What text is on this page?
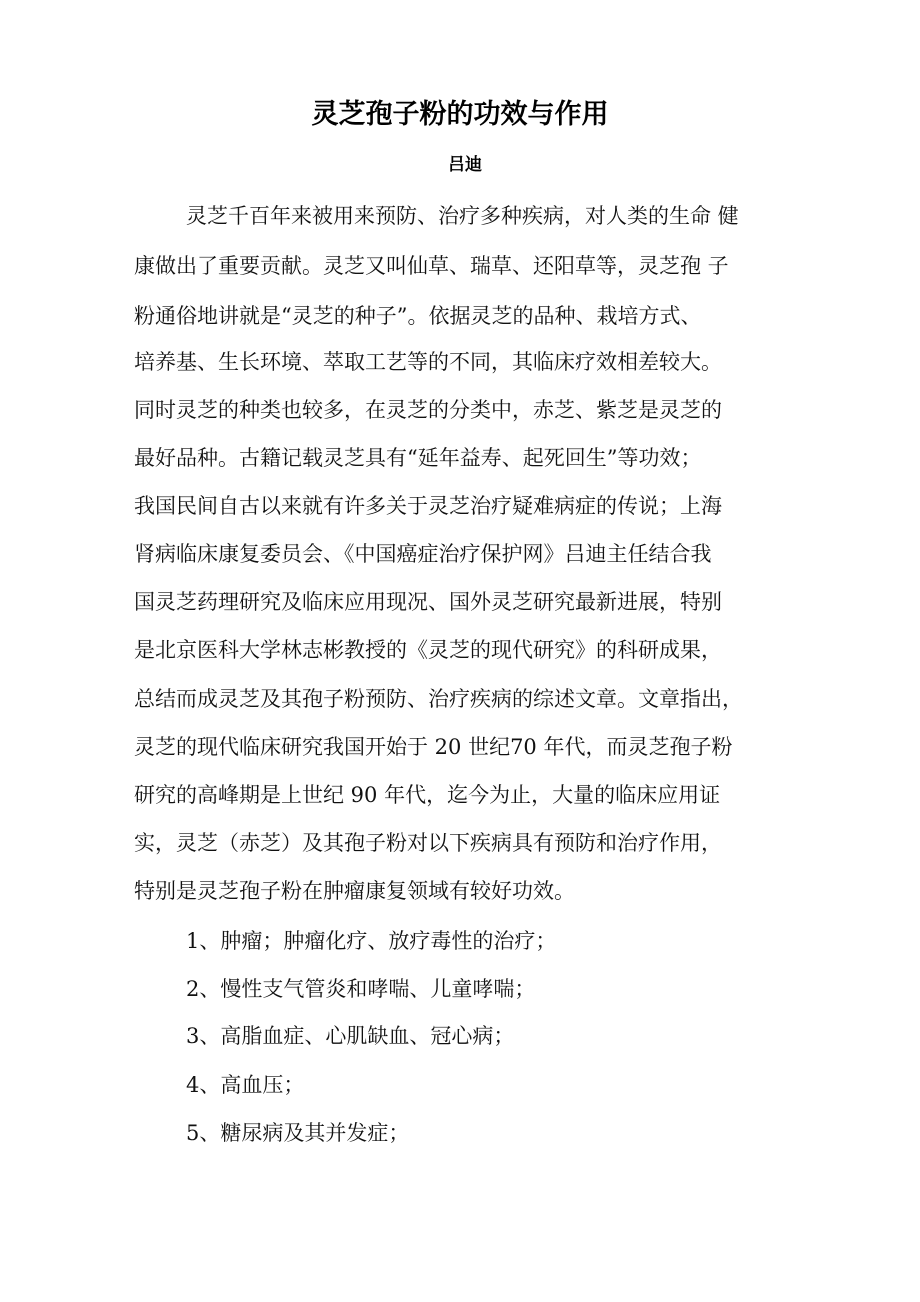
灵芝孢子粉的功效与作用
吕迪

灵芝千百年来被用来预防、治疗多种疾病，对人类的生命 健

康做出了重要贡献。灵芝又叫仙草、瑞草、还阳草等，灵芝孢 子

粉通俗地讲就是“灵芝的种子”。依据灵芝的品种、栽培方式、

培养基、生长环境、萃取工艺等的不同，其临床疗效相差较大。

同时灵芝的种类也较多，在灵芝的分类中，赤芝、紫芝是灵芝的

最好品种。古籍记载灵芝具有“延年益寿、起死回生”等功效；

我国民间自古以来就有许多关于灵芝治疗疑难病症的传说；上海

肾病临床康复委员会、《中国癌症治疗保护网》吕迪主任结合我

国灵芝药理研究及临床应用现况、国外灵芝研究最新进展，特别

是北京医科大学林志彬教授的《灵芝的现代研究》的科研成果，

总结而成灵芝及其孢子粉预防、治疗疾病的综述文章。文章指出，

灵芝的现代临床研究我国开始于 20 世纪70 年代，而灵芝孢子粉

研究的高峰期是上世纪 90 年代，迄今为止，大量的临床应用证

实，灵芝（赤芝）及其孢子粉对以下疾病具有预防和治疗作用，

特别是灵芝孢子粉在肿瘤康复领域有较好功效。

1、肿瘤；肿瘤化疗、放疗毒性的治疗；

2、慢性支气管炎和哮喘、儿童哮喘；

3、高脂血症、心肌缺血、冠心病；

4、高血压；

5、糖尿病及其并发症；
